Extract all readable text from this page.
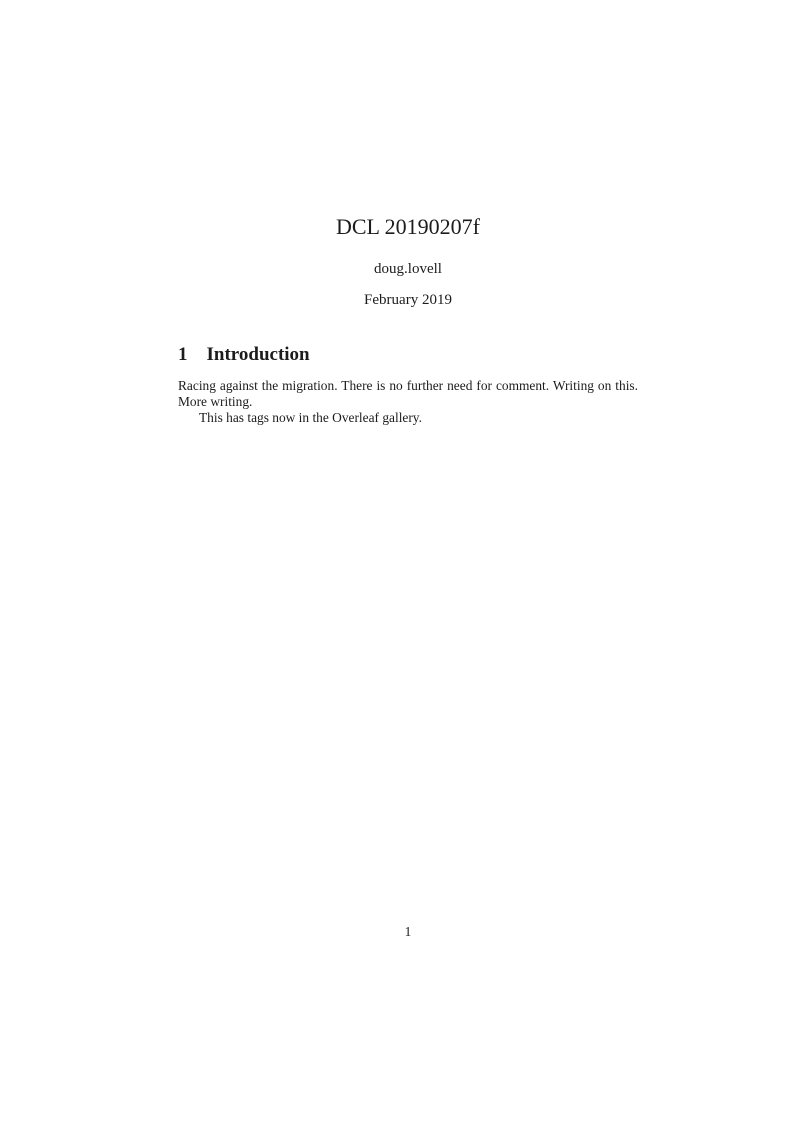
DCL 20190207f
doug.lovell
February 2019
1 Introduction

Racing against the migration. There is no further need for comment. Writing on this. More writing.

This has tags now in the Overleaf gallery.

1
